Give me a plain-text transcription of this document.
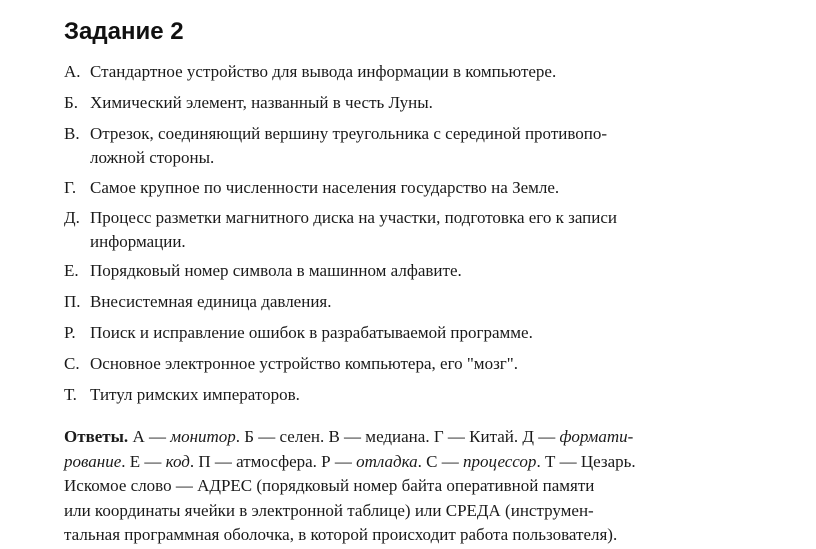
Задание 2
А. Стандартное устройство для вывода информации в компьютере.
Б. Химический элемент, названный в честь Луны.
В. Отрезок, соединяющий вершину треугольника с серединой противопо-
ложной стороны.
Г. Самое крупное по численности населения государство на Земле.
Д. Процесс разметки магнитного диска на участки, подготовка его к записи
информации.
Е. Порядковый номер символа в машинном алфавите.
П. Внесистемная единица давления.
Р. Поиск и исправление ошибок в разрабатываемой программе.
С. Основное электронное устройство компьютера, его "мозг".
Т. Титул римских императоров.
Ответы. А — монитор. Б — селен. В — медиана. Г — Китай. Д — формати-
рование. Е — код. П — атмосфера. Р — отладка. С — процессор. Т — Цезарь.
Искомое слово — АДРЕС (порядковый номер байта оперативной памяти
или координаты ячейки в электронной таблице) или СРЕДА (инструмен-
тальная программная оболочка, в которой происходит работа пользователя).
